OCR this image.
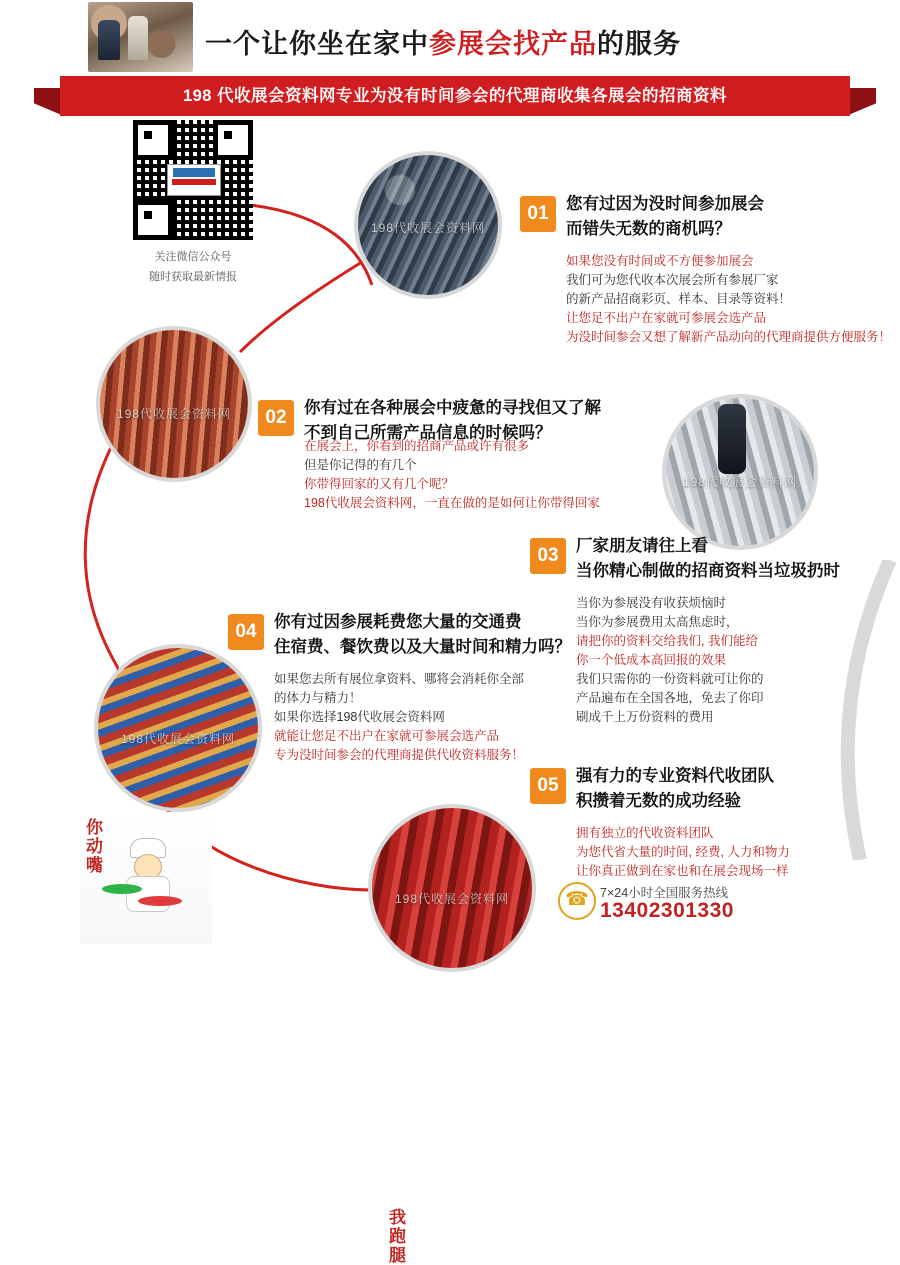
一个让你坐在家中参展会找产品的服务
198 代收展会资料网专业为没有时间参会的代理商收集各展会的招商资料
关注微信公众号
随时获取最新情报
198代收展会资料网
198代收展会资料网
198代收展会资料网
198代收展会资料网
198代收展会资料网
01	您有过因为没时间参加展会
而错失无数的商机吗？
如果您没有时间或不方便参加展会
我们可为您代收本次展会所有参展厂家
的新产品招商彩页、样本、目录等资料！
让您足不出户在家就可参展会选产品
为没时间参会又想了解新产品动向的代理商提供方便服务！
02	你有过在各种展会中疲惫的寻找但又了解
不到自己所需产品信息的时候吗？
在展会上，你看到的招商产品或许有很多
但是你记得的有几个
你带得回家的又有几个呢？
198代收展会资料网，一直在做的是如何让你带得回家
03	厂家朋友请往上看
当你精心制做的招商资料当垃圾扔时
当你为参展没有收获烦恼时
当你为参展费用太高焦虑时，
请把你的资料交给我们, 我们能给
你一个低成本高回报的效果
我们只需你的一份资料就可让你的
产品遍布在全国各地，免去了你印
刷成千上万份资料的费用
04	你有过因参展耗费您大量的交通费
住宿费、餐饮费以及大量时间和精力吗？
如果您去所有展位拿资料、哪将会消耗你全部
的体力与精力！
如果你选择198代收展会资料网
就能让您足不出户在家就可参展会选产品
专为没时间参会的代理商提供代收资料服务！
05	强有力的专业资料代收团队
积攒着无数的成功经验
拥有独立的代收资料团队
为您代省大量的时间, 经费, 人力和物力
让你真正做到在家也和在展会现场一样
☎ 7×24小时全国服务热线
13402301330
你动嘴
我跑腿
